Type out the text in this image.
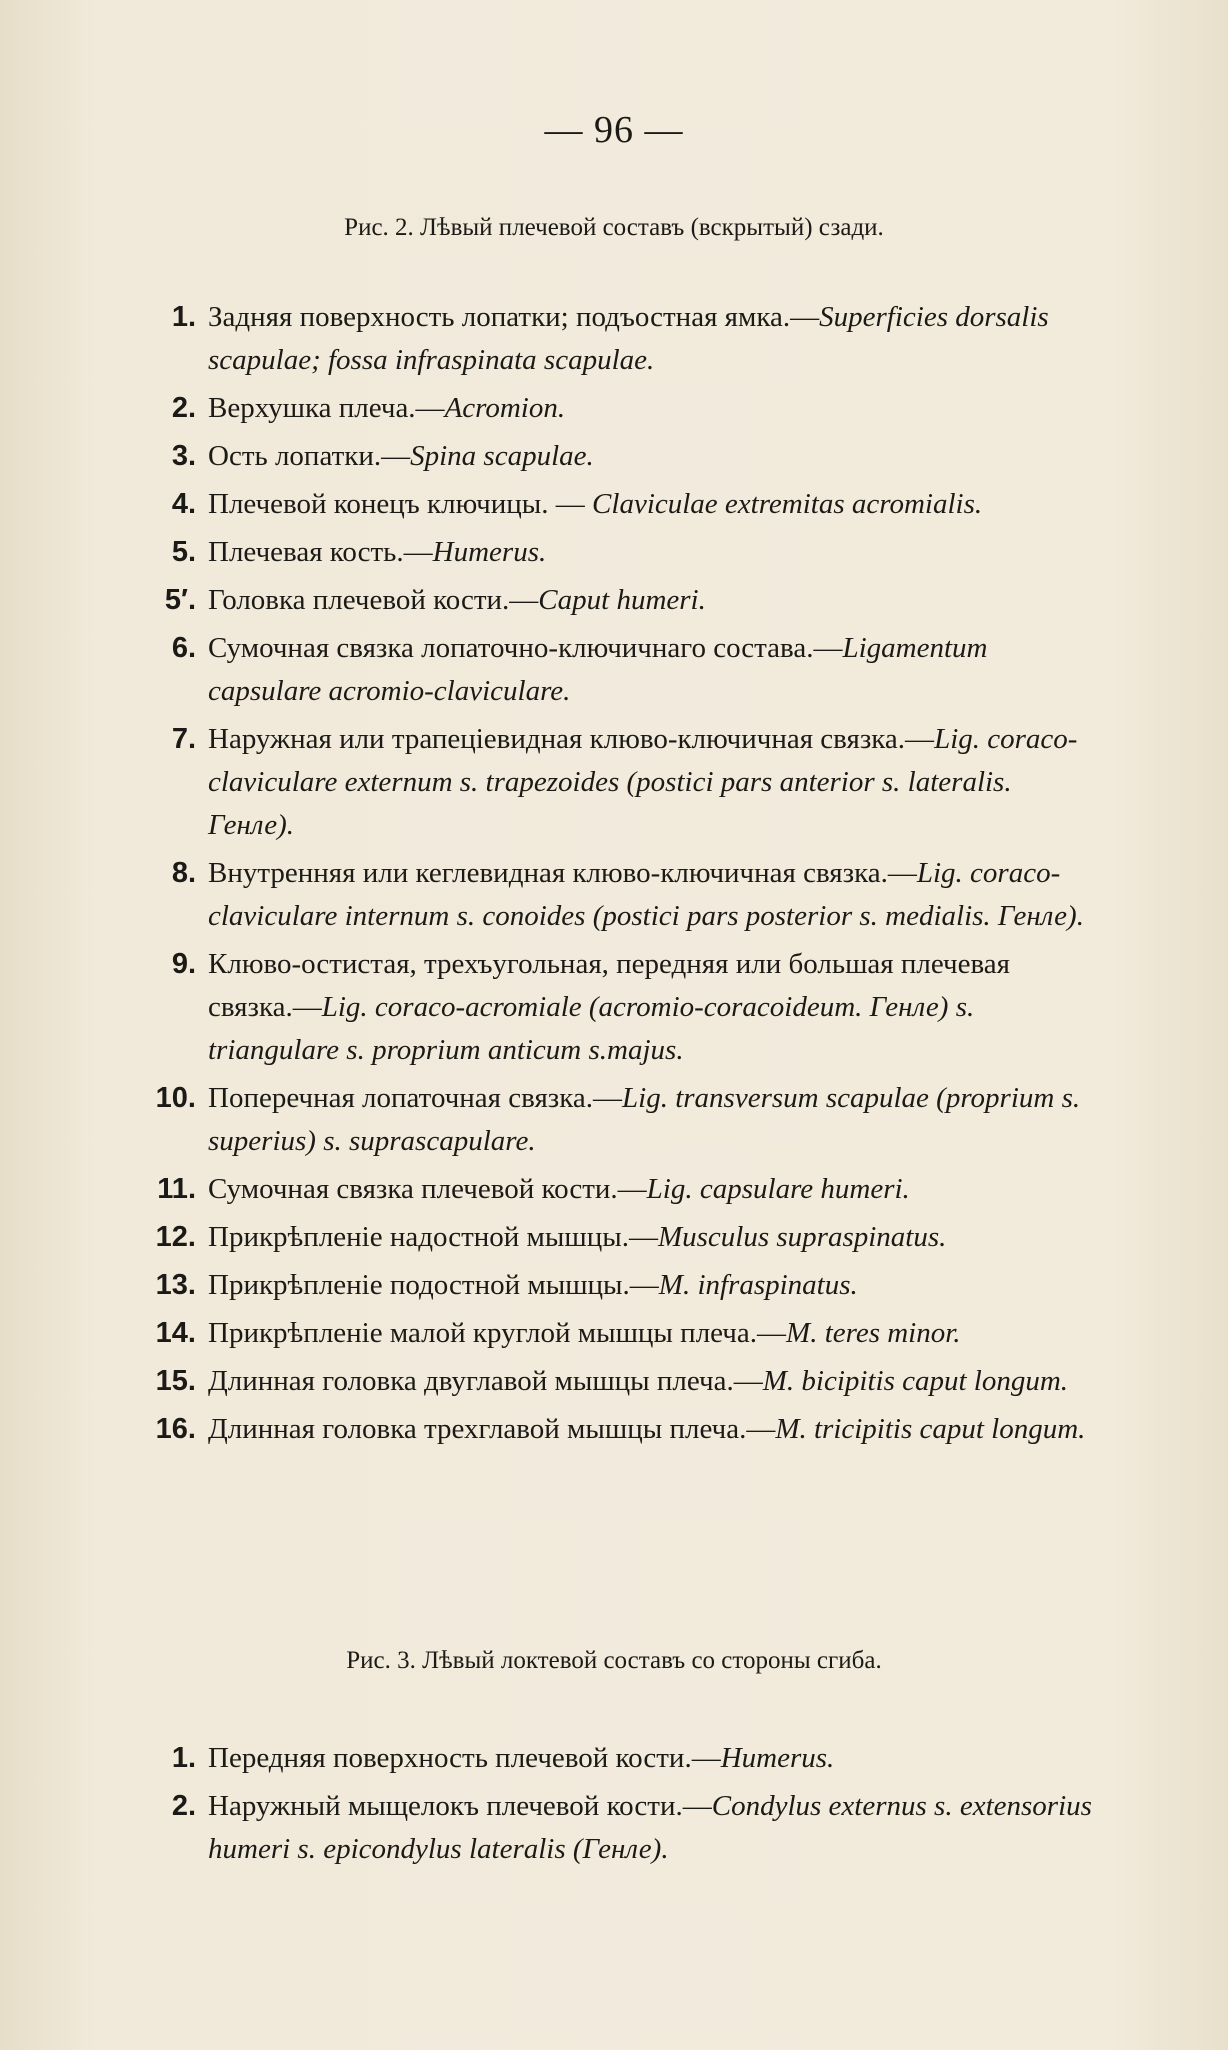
— 96 —
Рис. 2. Лѣвый плечевой составъ (вскрытый) сзади.
1. Задняя поверхность лопатки; подъостная ямка.—Superficies dorsalis scapulae; fossa infraspinata scapulae.
2. Верхушка плеча.—Acromion.
3. Ость лопатки.—Spina scapulae.
4. Плечевой конецъ ключицы. — Claviculae extremitas acromialis.
5. Плечевая кость.—Humerus.
5′. Головка плечевой кости.—Caput humeri.
6. Сумочная связка лопаточно-ключичнаго состава.—Ligamentum capsulare acromio-claviculare.
7. Наружная или трапецiевидная клюво-ключичная связка.—Lig. coraco-claviculare externum s. trapezoides (postici pars anterior s. lateralis. Генле).
8. Внутренняя или кеглевидная клюво-ключичная связка.—Lig. coraco-claviculare internum s. conoides (postici pars posterior s. medialis. Генле).
9. Клюво-остистая, трехъугольная, передняя или большая плечевая связка.—Lig. coraco-acromiale (acromio-coracoideum. Генле) s. triangulare s. proprium anticum s.majus.
10. Поперечная лопаточная связка.—Lig. transversum scapulae (proprium s. superius) s. suprascapulare.
11. Сумочная связка плечевой кости.—Lig. capsulare humeri.
12. Прикрѣпленiе надостной мышцы.—Musculus supraspinatus.
13. Прикрѣпленiе подостной мышцы.—M. infraspinatus.
14. Прикрѣпленiе малой круглой мышцы плеча.—M. teres minor.
15. Длинная головка двуглавой мышцы плеча.—M. bicipitis caput longum.
16. Длинная головка трехглавой мышцы плеча.—M. tricipitis caput longum.
Рис. 3. Лѣвый локтевой составъ со стороны сгиба.
1. Передняя поверхность плечевой кости.—Humerus.
2. Наружный мыщелокъ плечевой кости.—Condylus externus s. extensorius humeri s. epicondylus lateralis (Генле).
